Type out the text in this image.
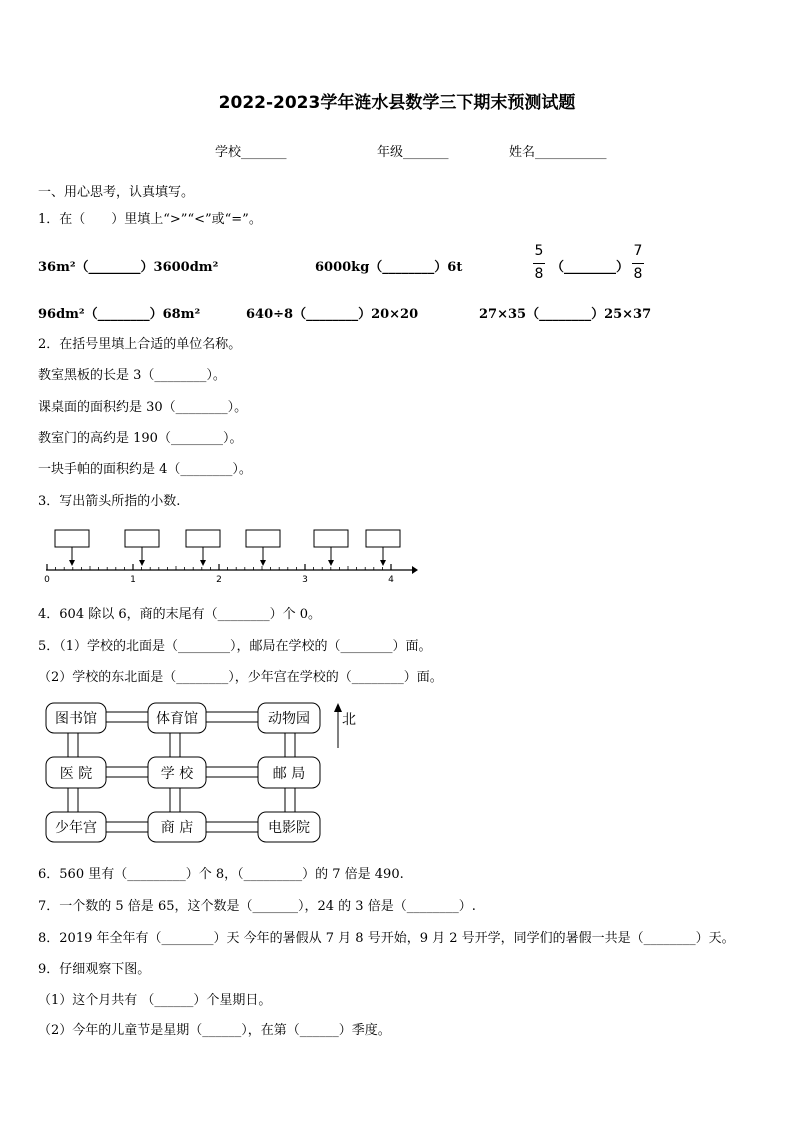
2022-2023学年涟水县数学三下期末预测试题
学校_______	年级_______	姓名___________
一、用心思考，认真填写。
1．在（　　）里填上“>”“<”或“=”。
36m²（________）3600dm²	6000kg（________）6t
5
8 （________）
7
8
96dm²（________）68m²	640÷8（________）20×20	27×35（________）25×37
2．在括号里填上合适的单位名称。
教室黑板的长是 3（________）。
课桌面的面积约是 30（________）。
教室门的高约是 190（________）。
一块手帕的面积约是 4（________）。
3．写出箭头所指的小数.
0	1	2	3	4
4．604 除以 6，商的末尾有（________）个 0。
5．（1）学校的北面是（________），邮局在学校的（________）面。
（2）学校的东北面是（________），少年宫在学校的（________）面。
图书馆	体育馆	动物园
医 院	学 校	邮 局
少年宫	商 店	电影院
北
6．560 里有（_________）个 8，（_________）的 7 倍是 490.
7．一个数的 5 倍是 65，这个数是（_______），24 的 3 倍是（________）.
8．2019 年全年有（________）天 今年的暑假从 7 月 8 号开始，9 月 2 号开学，同学们的暑假一共是（________）天。
9．仔细观察下图。
（1）这个月共有 （______）个星期日。
（2）今年的儿童节是星期（______），在第（______）季度。
